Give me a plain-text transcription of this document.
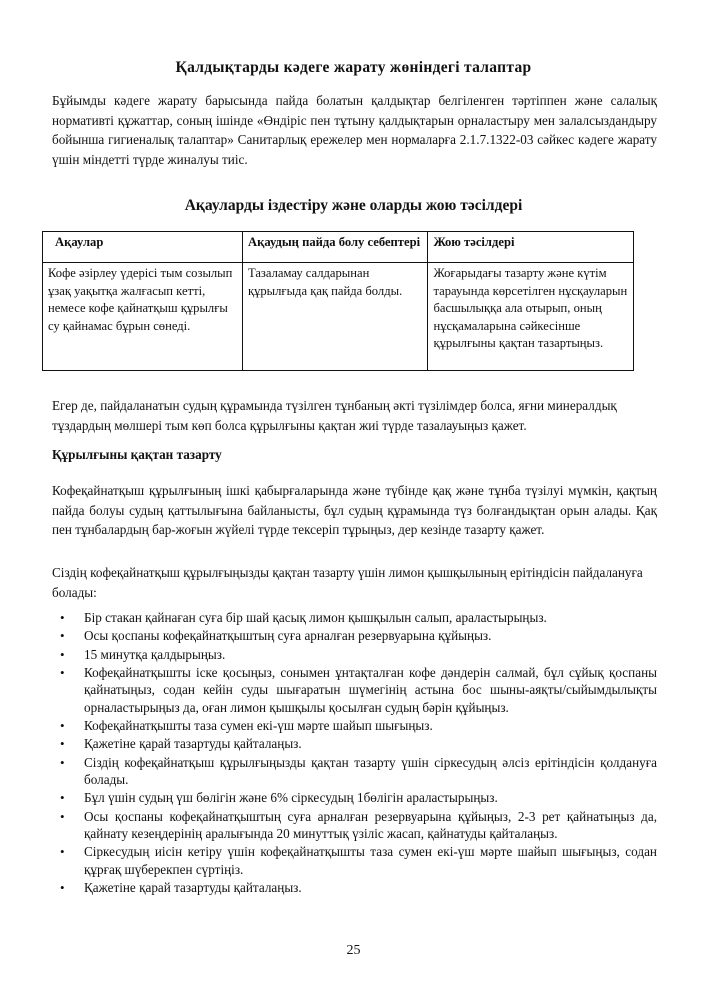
Қалдықтарды кәдеге жарату жөніндегі талаптар

Бұйымды кәдеге жарату барысында пайда болатын қалдықтар белгіленген тәртіппен және салалық нормативті құжаттар, соның ішінде «Өндіріс пен тұтыну қалдықтарын орналастыру мен залалсыздандыру бойынша гигиеналық талаптар» Санитарлық ережелер мен нормаларға 2.1.7.1322-03 сәйкес кәдеге жарату үшін міндетті түрде жиналуы тиіс.

Ақауларды іздестіру және оларды жою тәсілдері
Ақаулар	Ақаудың пайда болу себептері	Жою тәсілдері
Кофе әзірлеу үдерісі тым созылып ұзақ уақытқа жалғасып кетті, немесе кофе қайнатқыш құрылғы су қайнамас бұрын сөнеді.	Тазаламау салдарынан құрылғыда қақ пайда болды.	Жоғарыдағы тазарту және күтім тарауында көрсетілген нұсқауларын басшылыққа ала отырып, оның нұсқамаларына сәйкесінше құрылғыны қақтан тазартыңыз.

Егер де, пайдаланатын судың құрамында түзілген тұнбаның әкті түзілімдер болса, яғни минералдық тұздардың мөлшері тым көп болса құрылғыны қақтан жиі түрде тазалауыңыз қажет.

Құрылғыны қақтан тазарту

Кофеқайнатқыш құрылғының ішкі қабырғаларында және түбінде қақ және тұнба түзілуі мүмкін, қақтың пайда болуы судың қаттылығына байланысты, бұл судың құрамында түз болғандықтан орын алады. Қақ пен тұнбалардың бар-жоғын жүйелі түрде тексеріп тұрыңыз, дер кезінде тазарту қажет.

Сіздің кофеқайнатқыш құрылғыңызды қақтан тазарту үшін лимон қышқылының ерітіндісін пайдалануға болады:

• Бір стакан қайнаған суға бір шай қасық лимон қышқылын салып, араластырыңыз.
• Осы қоспаны кофеқайнатқыштың суға арналған резервуарына құйыңыз.
• 15 минутқа қалдырыңыз.
• Кофеқайнатқышты іске қосыңыз, сонымен ұнтақталған кофе дәндерін салмай, бұл сұйық қоспаны қайнатыңыз, содан кейін суды шығаратын шүмегінің астына бос шыны-аяқты/сыйымдылықты орналастырыңыз да, оған лимон қышқылы қосылған судың бәрін құйыңыз.
• Кофеқайнатқышты таза сумен екі-үш мәрте шайып шығыңыз.
• Қажетіне қарай тазартуды қайталаңыз.
• Сіздің кофеқайнатқыш құрылғыңызды қақтан тазарту үшін сіркесудың әлсіз ерітіндісін қолдануға болады.
• Бұл үшін судың үш бөлігін және 6% сіркесудың 1бөлігін араластырыңыз.
• Осы қоспаны кофеқайнатқыштың суға арналған резервуарына құйыңыз, 2-3 рет қайнатыңыз да, қайнату кезеңдерінің аралығында 20 минуттық үзіліс жасап, қайнатуды қайталаңыз.
• Сіркесудың иісін кетіру үшін кофеқайнатқышты таза сумен екі-үш мәрте шайып шығыңыз, содан құрғақ шүберекпен сүртіңіз.
• Қажетіне қарай тазартуды қайталаңыз.
25
